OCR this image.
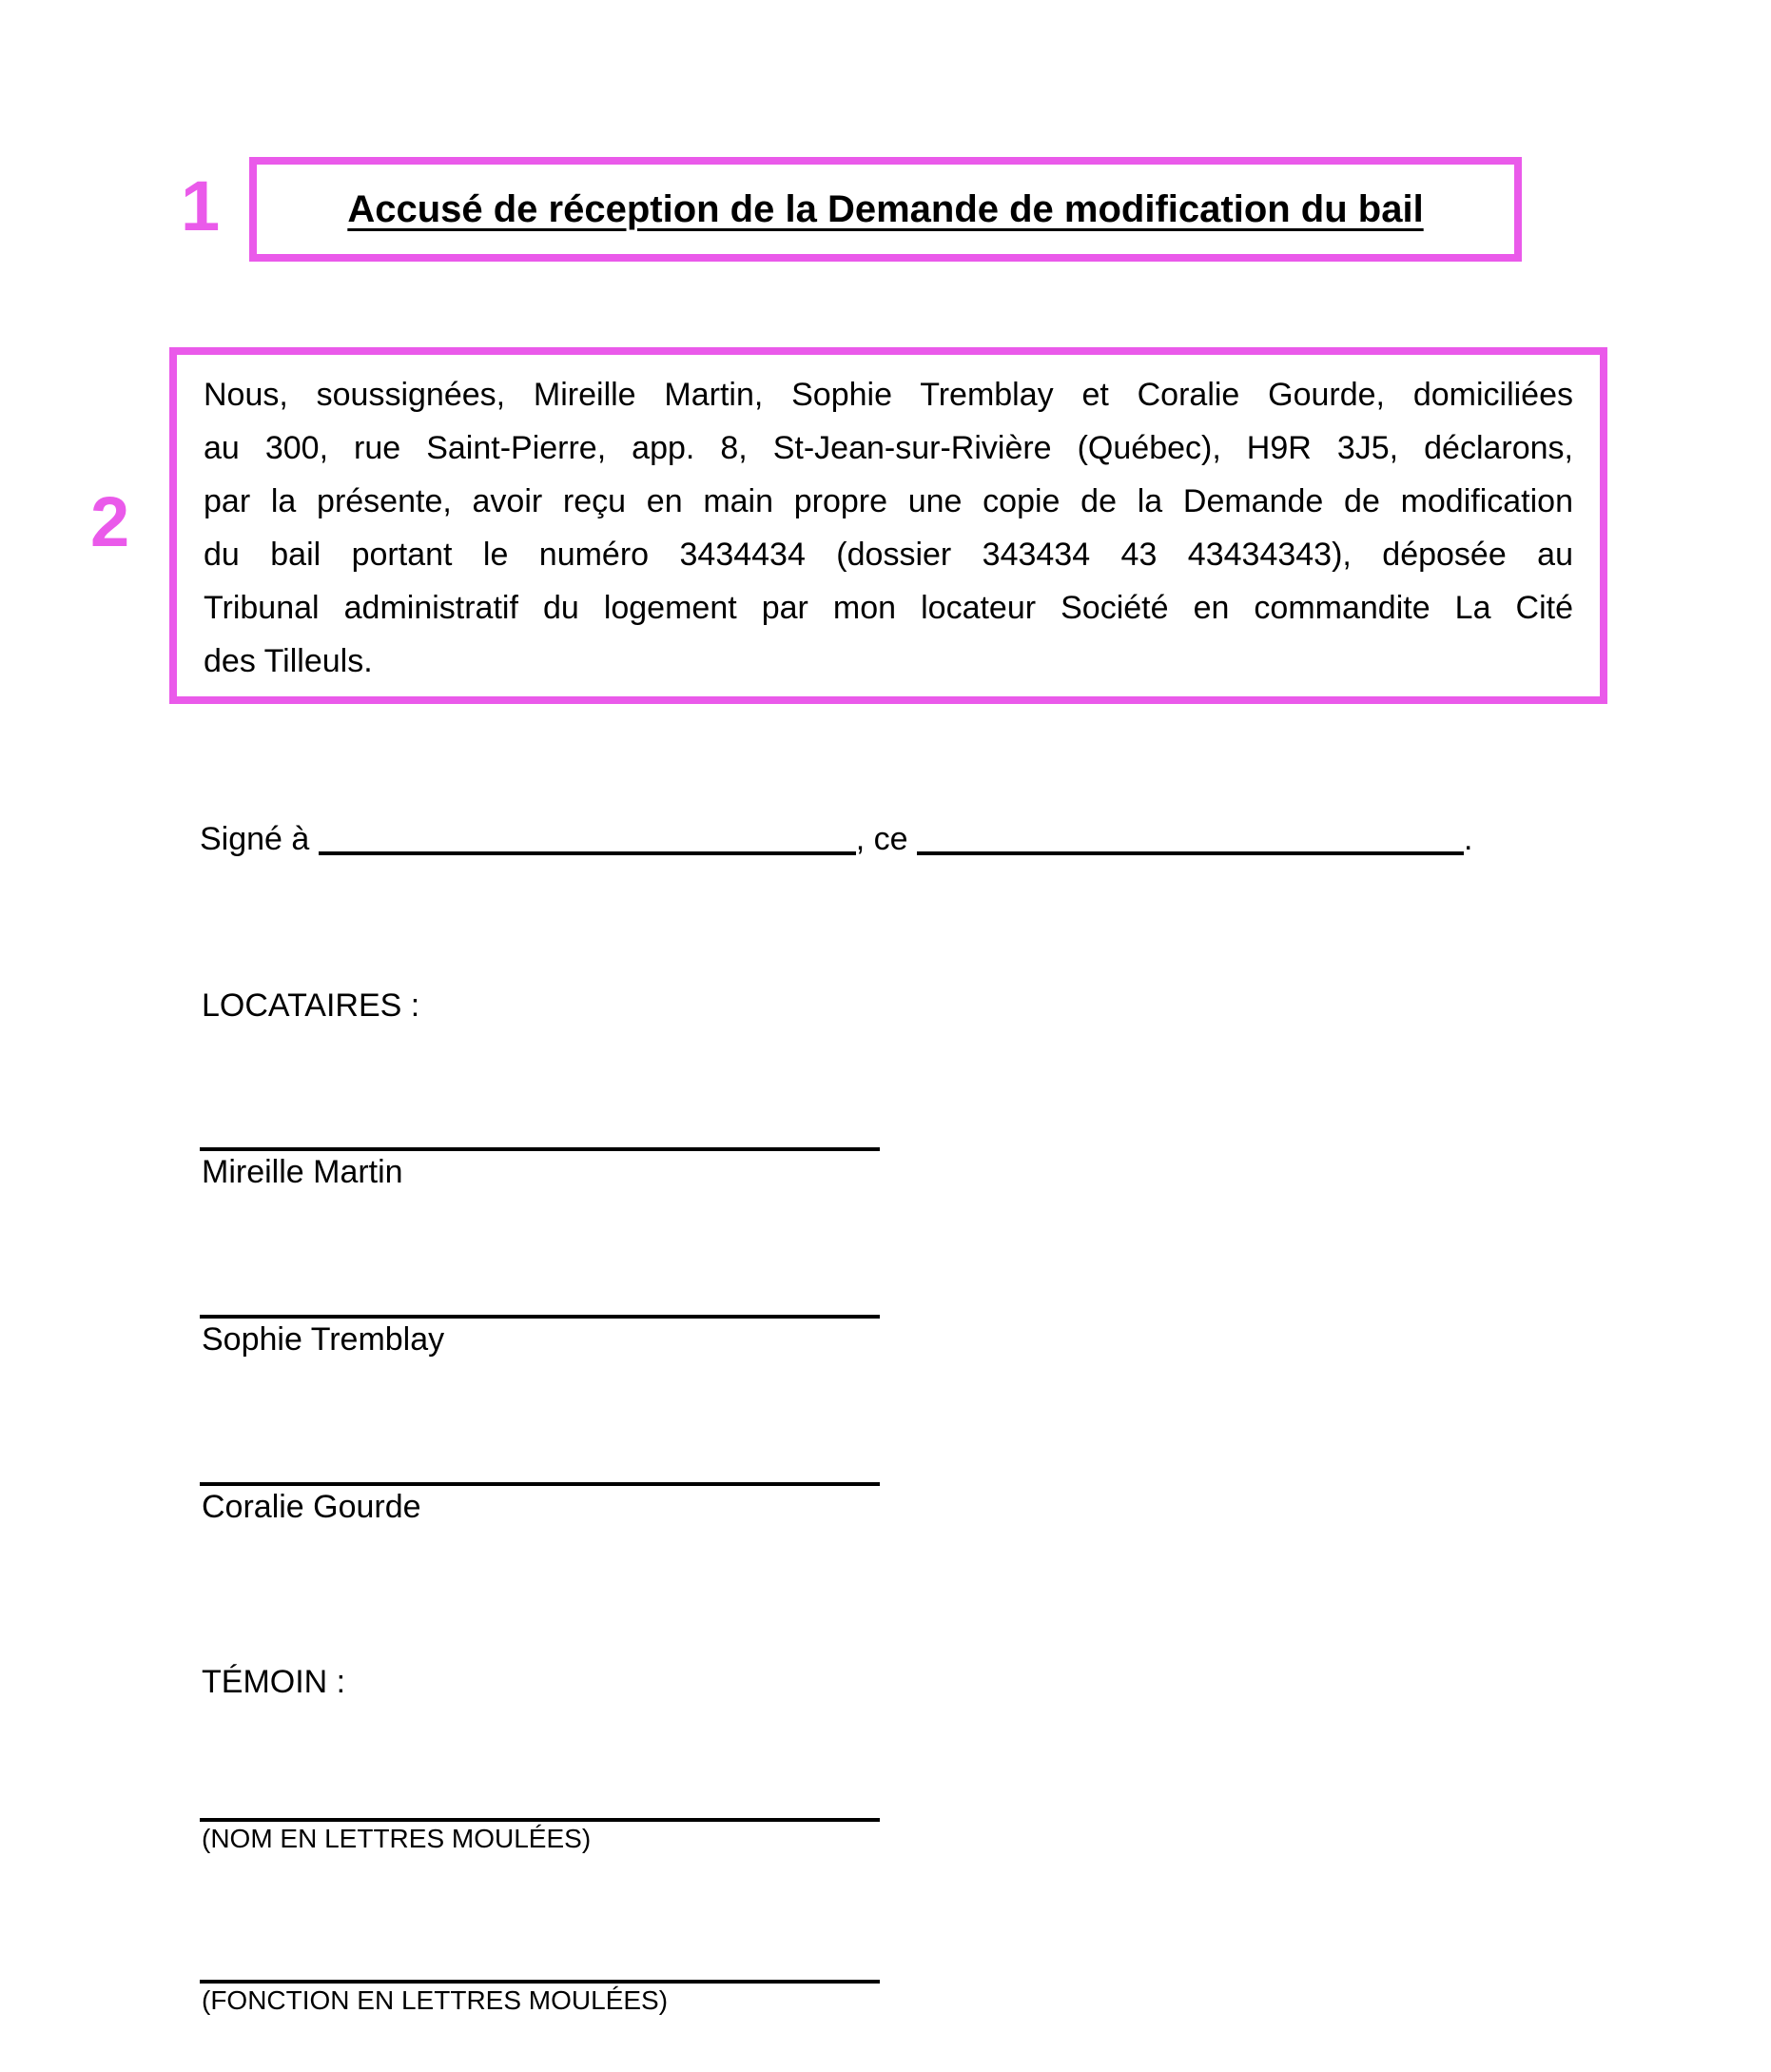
1
2
Accusé de réception de la Demande de modification du bail
Nous, soussignées, Mireille Martin, Sophie Tremblay et Coralie Gourde, domiciliées
au 300, rue Saint-Pierre, app. 8, St-Jean-sur-Rivière (Québec), H9R 3J5, déclarons,
par la présente, avoir reçu en main propre une copie de la Demande de modification
du bail portant le numéro 3434434 (dossier 343434 43 43434343), déposée au
Tribunal administratif du logement par mon locateur Société en commandite La Cité
des Tilleuls.
Signé à	, ce	.
LOCATAIRES :
Mireille Martin
Sophie Tremblay
Coralie Gourde
TÉMOIN :
(NOM EN LETTRES MOULÉES)
(FONCTION EN LETTRES MOULÉES)
